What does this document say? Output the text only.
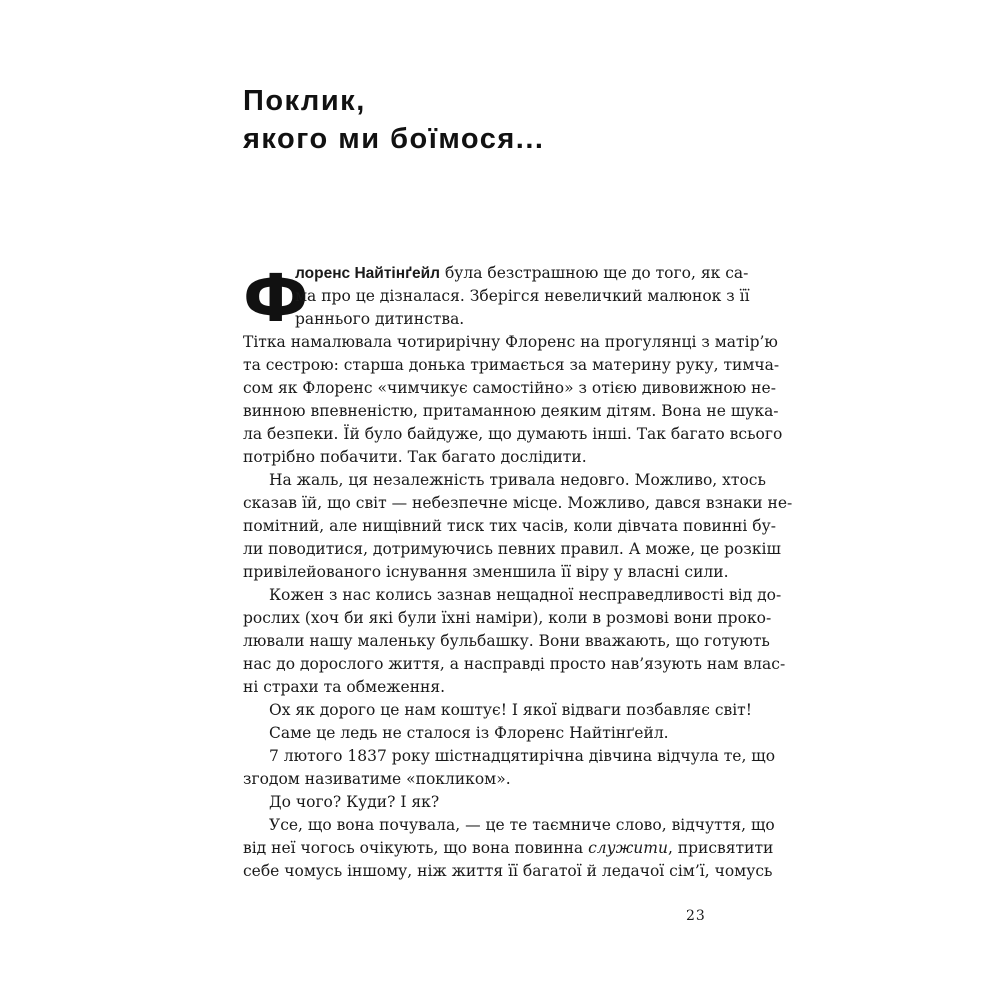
Поклик,
якого ми боїмося...
Ф
лоренс Найтінґейл була безстрашною ще до того, як са-
ма про це дізналася. Зберігся невеличкий малюнок з її
раннього дитинства.
Тітка намалювала чотирирічну Флоренс на прогулянці з матір’ю
та сестрою: старша донька тримається за материну руку, тимча-
сом як Флоренс «чимчикує самостійно» з отією дивовижною не-
винною впевненістю, притаманною деяким дітям. Вона не шука-
ла безпеки. Їй було байдуже, що думають інші. Так багато всього
потрібно побачити. Так багато дослідити.
На жаль, ця незалежність тривала недовго. Можливо, хтось
сказав їй, що світ — небезпечне місце. Можливо, дався взнаки не-
помітний, але нищівний тиск тих часів, коли дівчата повинні бу-
ли поводитися, дотримуючись певних правил. А може, це розкіш
привілейованого існування зменшила її віру у власні сили.
Кожен з нас колись зазнав нещадної несправедливості від до-
рослих (хоч би які були їхні наміри), коли в розмові вони проко-
лювали нашу маленьку бульбашку. Вони вважають, що готують
нас до дорослого життя, а насправді просто нав’язують нам влас-
ні страхи та обмеження.
Ох як дорого це нам коштує! І якої відваги позбавляє світ!
Саме це ледь не сталося із Флоренс Найтінґейл.
7 лютого 1837 року шістнадцятирічна дівчина відчула те, що
згодом називатиме «покликом».
До чого? Куди? І як?
Усе, що вона почувала, — це те таємниче слово, відчуття, що
від неї чогось очікують, що вона повинна служити, присвятити
себе чомусь іншому, ніж життя її багатої й ледачої сім’ї, чомусь
23
